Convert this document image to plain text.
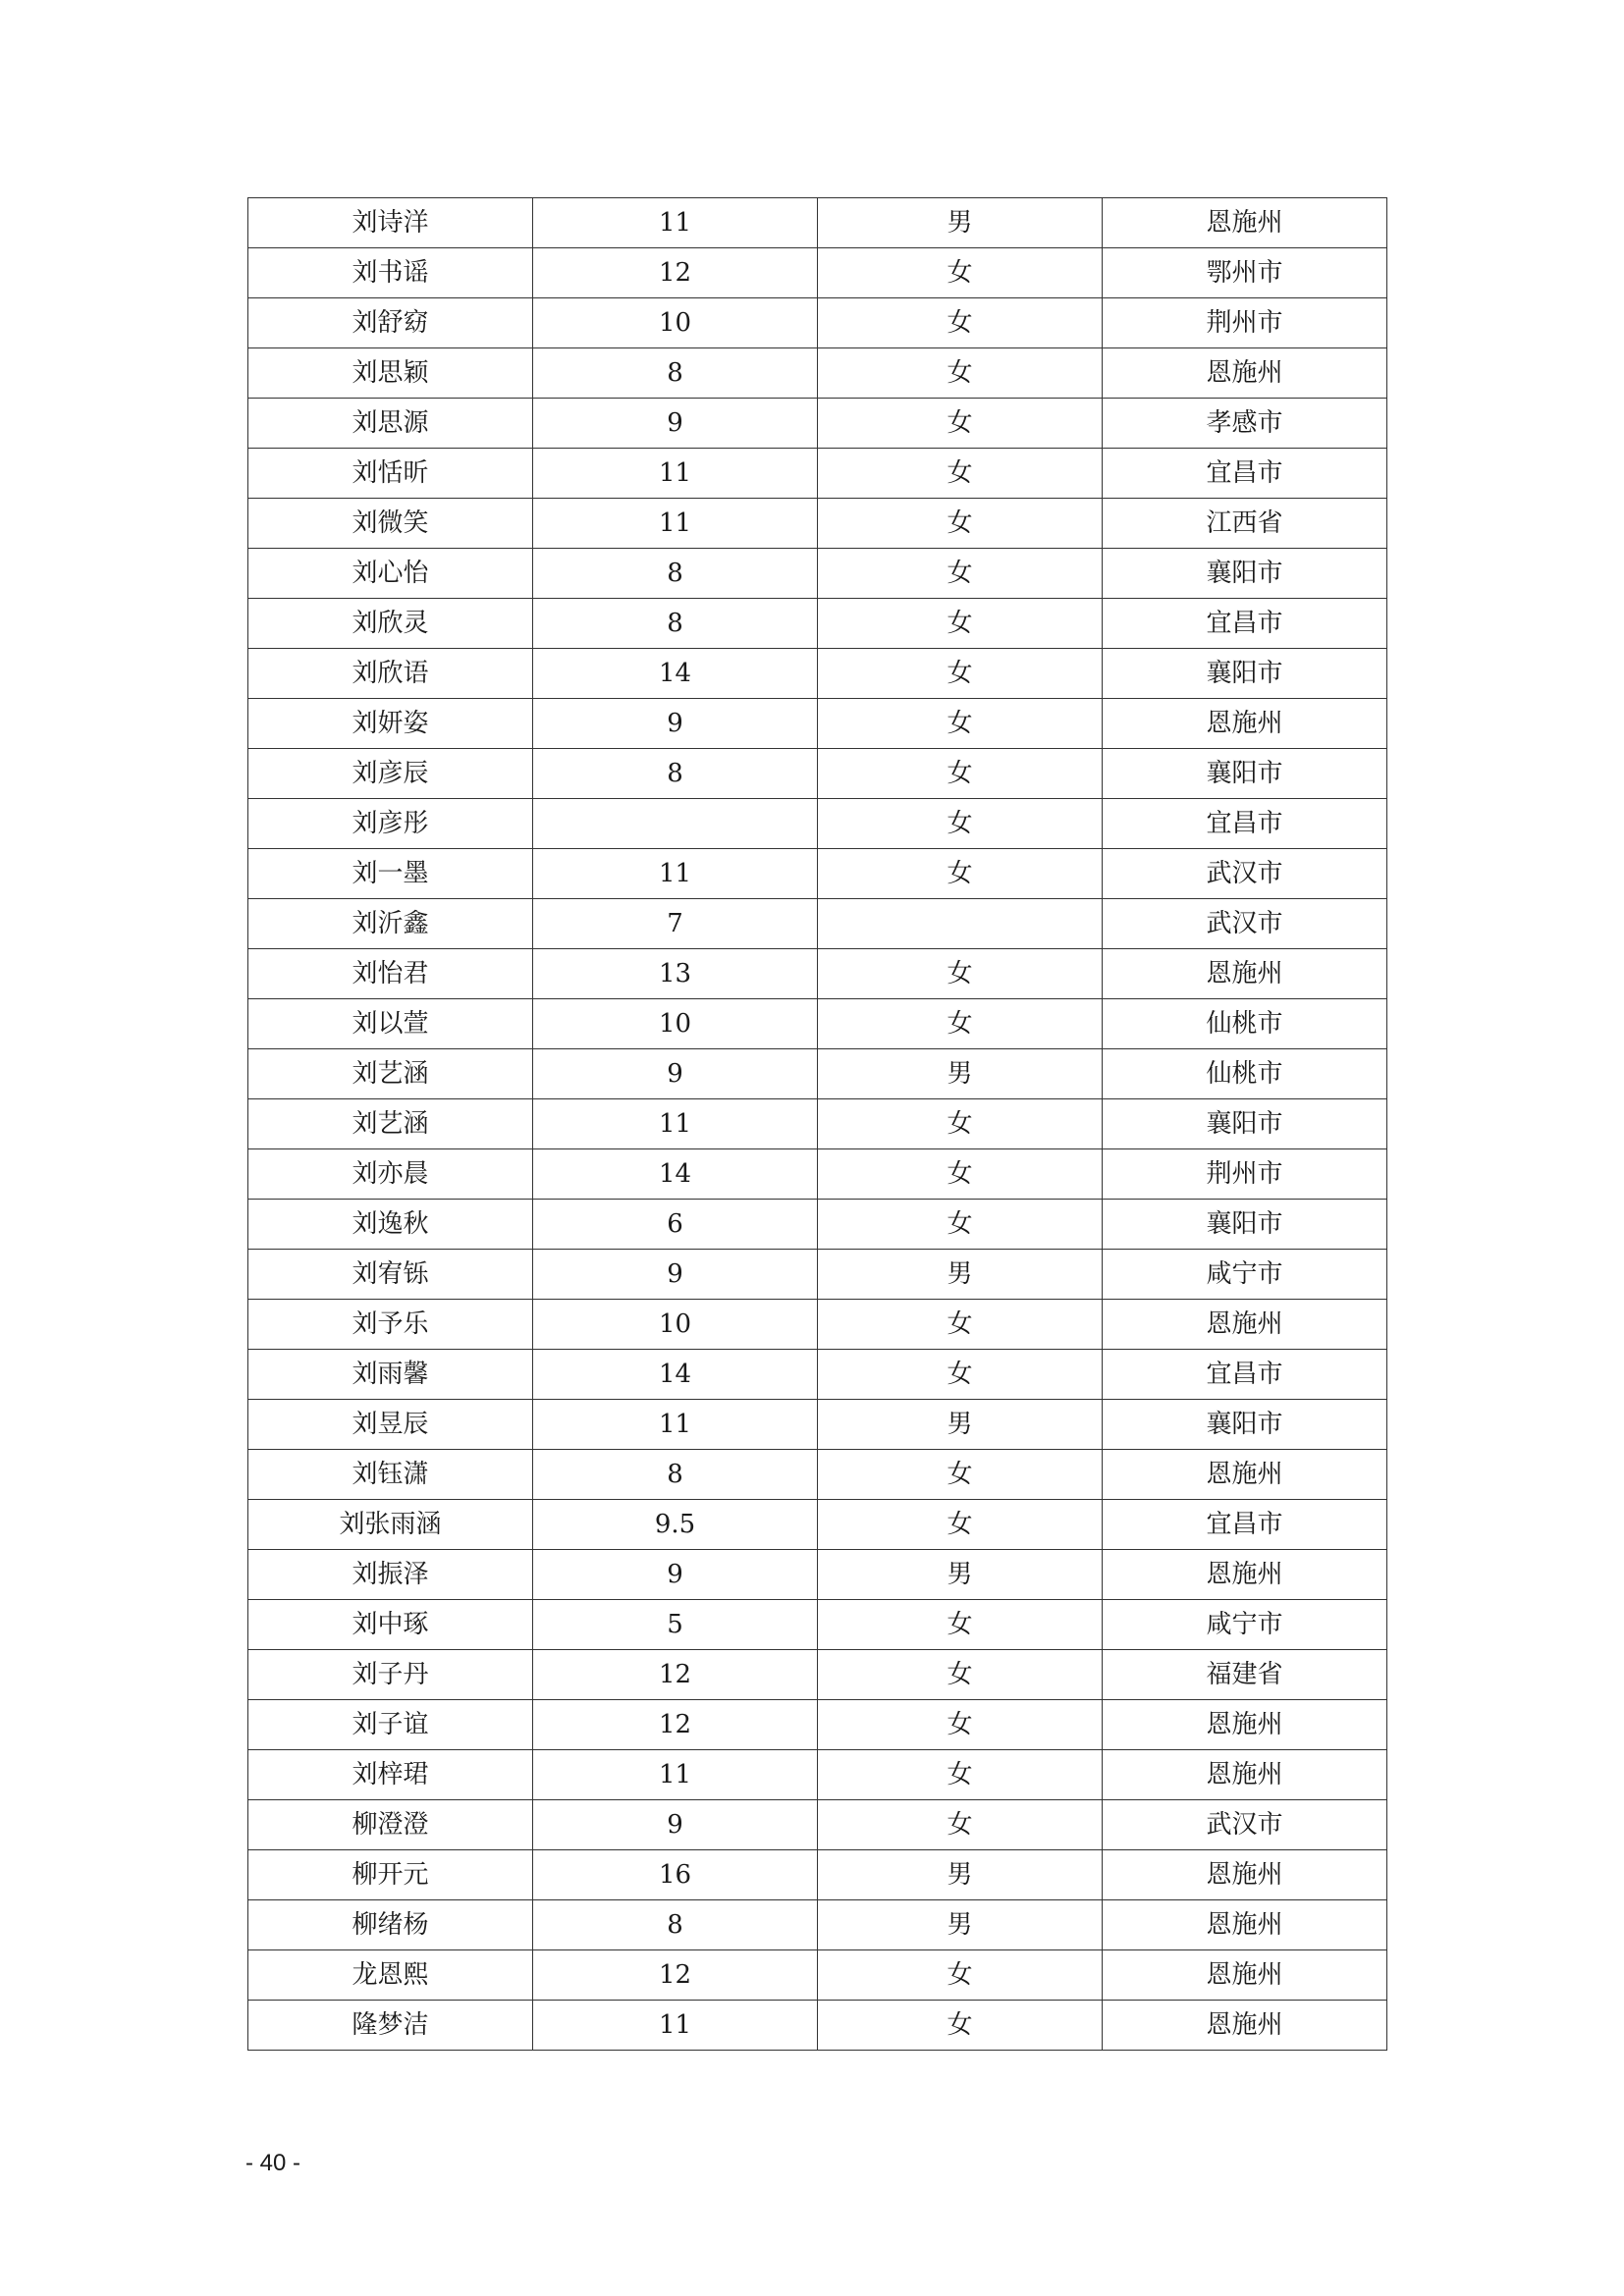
刘诗洋	11	男	恩施州
刘书谣	12	女	鄂州市
刘舒窈	10	女	荆州市
刘思颖	8	女	恩施州
刘思源	9	女	孝感市
刘恬昕	11	女	宜昌市
刘微笑	11	女	江西省
刘心怡	8	女	襄阳市
刘欣灵	8	女	宜昌市
刘欣语	14	女	襄阳市
刘妍姿	9	女	恩施州
刘彦辰	8	女	襄阳市
刘彦彤		女	宜昌市
刘一墨	11	女	武汉市
刘沂鑫	7		武汉市
刘怡君	13	女	恩施州
刘以萱	10	女	仙桃市
刘艺涵	9	男	仙桃市
刘艺涵	11	女	襄阳市
刘亦晨	14	女	荆州市
刘逸秋	6	女	襄阳市
刘宥铄	9	男	咸宁市
刘予乐	10	女	恩施州
刘雨馨	14	女	宜昌市
刘昱辰	11	男	襄阳市
刘钰潇	8	女	恩施州
刘张雨涵	9.5	女	宜昌市
刘振泽	9	男	恩施州
刘中琢	5	女	咸宁市
刘子丹	12	女	福建省
刘子谊	12	女	恩施州
刘梓珺	11	女	恩施州
柳澄澄	9	女	武汉市
柳开元	16	男	恩施州
柳绪杨	8	男	恩施州
龙恩熙	12	女	恩施州
隆梦洁	11	女	恩施州
- 40 -
